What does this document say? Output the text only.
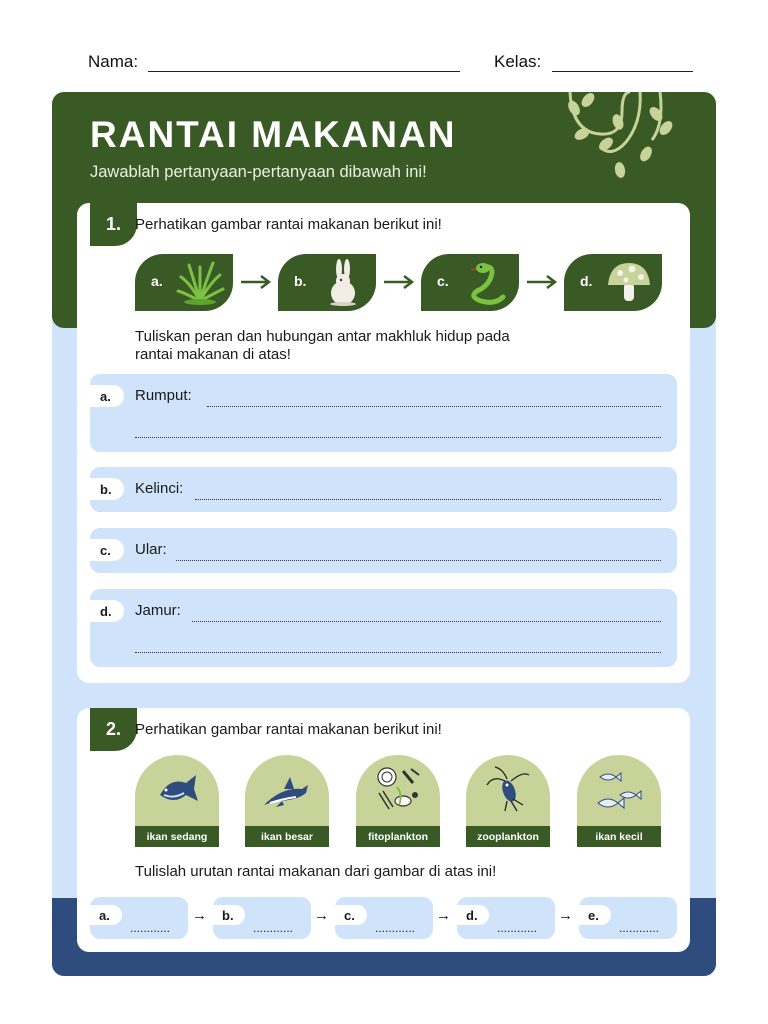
Nama:	Kelas:
RANTAI MAKANAN
Jawablah pertanyaan-pertanyaan dibawah ini!
1. Perhatikan gambar rantai makanan berikut ini!
a.	b.	c.	d.
Tuliskan peran dan hubungan antar makhluk hidup pada
rantai makanan di atas!
a.	Rumput:
b.	Kelinci:
c.	Ular:
d.	Jamur:
2. Perhatikan gambar rantai makanan berikut ini!
ikan sedang	ikan besar	fitoplankton	zooplankton	ikan kecil
Tulislah urutan rantai makanan dari gambar di atas ini!
a.
............
→	b.
............
→	c.
............
→	d.
............
→	e.
............
